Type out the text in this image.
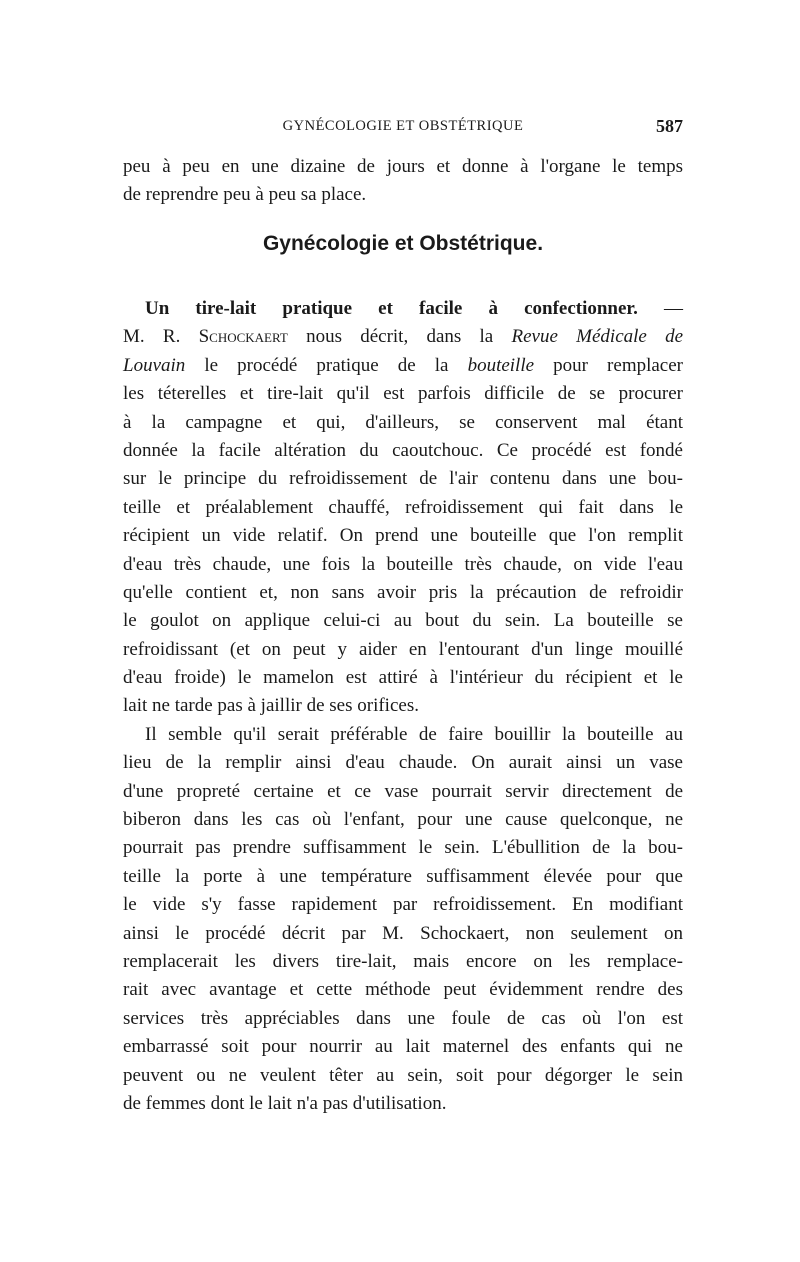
GYNÉCOLOGIE ET OBSTÉTRIQUE	587
peu à peu en une dizaine de jours et donne à l'organe le temps
de reprendre peu à peu sa place.
Gynécologie et Obstétrique.
Un tire-lait pratique et facile à confectionner. —
M. R. Schockaert nous décrit, dans la Revue Médicale de
Louvain le procédé pratique de la bouteille pour remplacer
les téterelles et tire-lait qu'il est parfois difficile de se procurer
à la campagne et qui, d'ailleurs, se conservent mal étant
donnée la facile altération du caoutchouc. Ce procédé est fondé
sur le principe du refroidissement de l'air contenu dans une bou-
teille et préalablement chauffé, refroidissement qui fait dans le
récipient un vide relatif. On prend une bouteille que l'on remplit
d'eau très chaude, une fois la bouteille très chaude, on vide l'eau
qu'elle contient et, non sans avoir pris la précaution de refroidir
le goulot on applique celui-ci au bout du sein. La bouteille se
refroidissant (et on peut y aider en l'entourant d'un linge mouillé
d'eau froide) le mamelon est attiré à l'intérieur du récipient et le
lait ne tarde pas à jaillir de ses orifices.
Il semble qu'il serait préférable de faire bouillir la bouteille au
lieu de la remplir ainsi d'eau chaude. On aurait ainsi un vase
d'une propreté certaine et ce vase pourrait servir directement de
biberon dans les cas où l'enfant, pour une cause quelconque, ne
pourrait pas prendre suffisamment le sein. L'ébullition de la bou-
teille la porte à une température suffisamment élevée pour que
le vide s'y fasse rapidement par refroidissement. En modifiant
ainsi le procédé décrit par M. Schockaert, non seulement on
remplacerait les divers tire-lait, mais encore on les remplace-
rait avec avantage et cette méthode peut évidemment rendre des
services très appréciables dans une foule de cas où l'on est
embarrassé soit pour nourrir au lait maternel des enfants qui ne
peuvent ou ne veulent têter au sein, soit pour dégorger le sein
de femmes dont le lait n'a pas d'utilisation.
